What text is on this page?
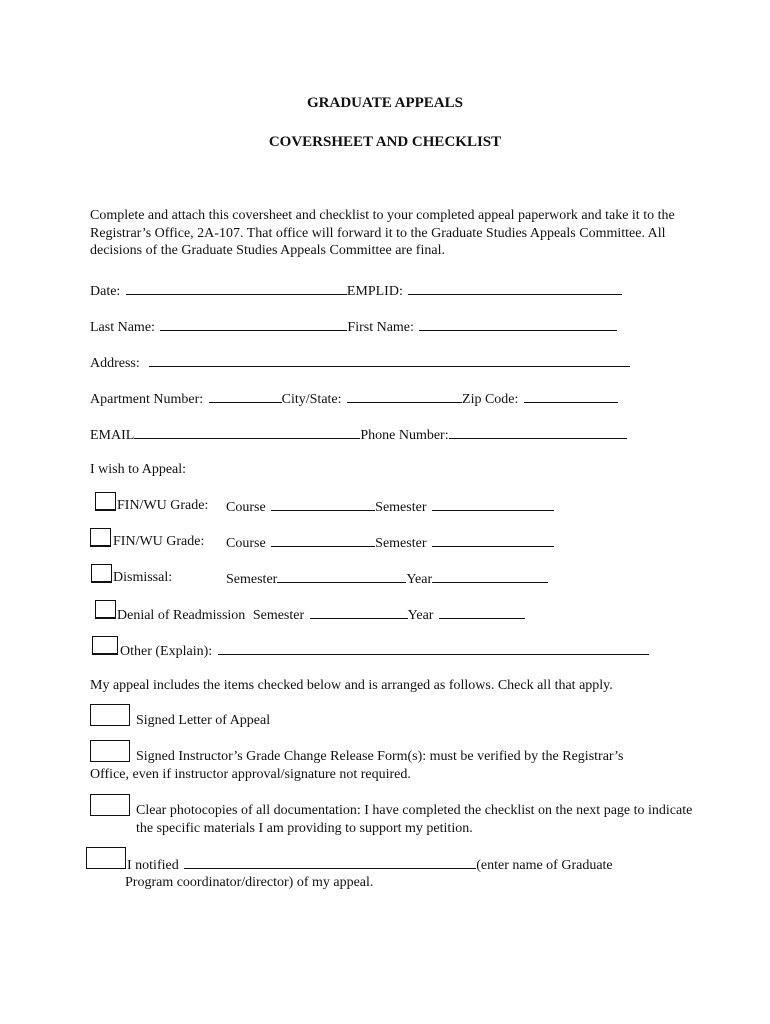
GRADUATE APPEALS
COVERSHEET AND CHECKLIST
Complete and attach this coversheet and checklist to your completed appeal paperwork and take it to the Registrar’s Office, 2A-107. That office will forward it to the Graduate Studies Appeals Committee. All decisions of the Graduate Studies Appeals Committee are final.
Date:	EMPLID:
Last Name:	First Name:
Address:
Apartment Number:	City/State:	Zip Code:
EMAIL	Phone Number:
I wish to Appeal:
FIN/WU Grade: Course	Semester
FIN/WU Grade: Course	Semester
Dismissal:	Semester	Year
Denial of Readmission Semester	Year
Other (Explain):
My appeal includes the items checked below and is arranged as follows. Check all that apply.
Signed Letter of Appeal
Signed Instructor’s Grade Change Release Form(s): must be verified by the Registrar’s
Office, even if instructor approval/signature not required.
Clear photocopies of all documentation: I have completed the checklist on the next page to indicate the specific materials I am providing to support my petition.
I notified	(enter name of Graduate
Program coordinator/director) of my appeal.
